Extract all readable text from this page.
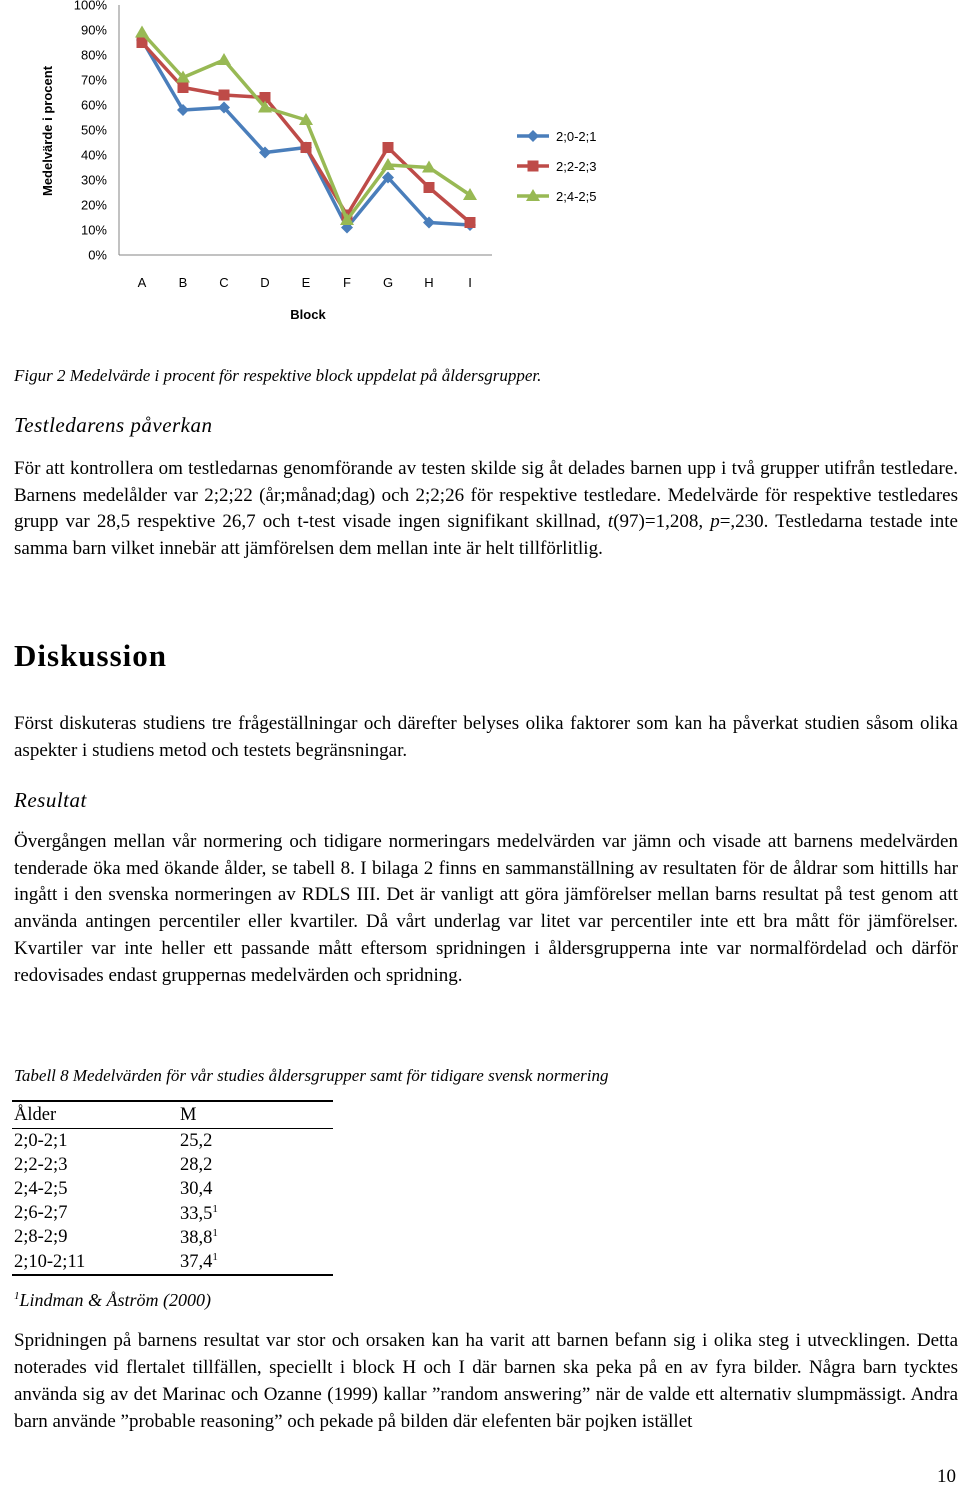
0%
10%
20%
30%
40%
50%
60%
70%
80%
90%
100%
A B C D E	F G H	I
2;0-2;1
2;2-2;3
2;4-2;5
Medelvärde i procent
Block

Figur 2 Medelvärde i procent för respektive block uppdelat på åldersgrupper.

Testledarens påverkan

För att kontrollera om testledarnas genomförande av testen skilde sig åt delades barnen upp i två grupper utifrån testledare. Barnens medelålder var 2;2;22 (år;månad;dag) och 2;2;26 för respektive testledare. Medelvärde för respektive testledares grupp var 28,5 respektive 26,7 och t-test visade ingen signifikant skillnad, t(97)=1,208, p=,230. Testledarna testade inte samma barn vilket innebär att jämförelsen dem mellan inte är helt tillförlitlig.

Diskussion

Först diskuteras studiens tre frågeställningar och därefter belyses olika faktorer som kan ha påverkat studien såsom olika aspekter i studiens metod och testets begränsningar.

Resultat

Övergången mellan vår normering och tidigare normeringars medelvärden var jämn och visade att barnens medelvärden tenderade öka med ökande ålder, se tabell 8. I bilaga 2 finns en sammanställning av resultaten för de åldrar som hittills har ingått i den svenska normeringen av RDLS III. Det är vanligt att göra jämförelser mellan barns resultat på test genom att använda antingen percentiler eller kvartiler. Då vårt underlag var litet var percentiler inte ett bra mått för jämförelser. Kvartiler var inte heller ett passande mått eftersom spridningen i åldersgrupperna inte var normalfördelad och därför redovisades endast gruppernas medelvärden och spridning.

Tabell 8 Medelvärden för vår studies åldersgrupper samt för tidigare svensk normering

Ålder	M
2;0-2;1	25,2
2;2-2;3	28,2
2;4-2;5	30,4
2;6-2;7	33,5$^1$
2;8-2;9	38,8$^1$
2;10-2;11	37,4$^1$

$^1$Lindman & Åström (2000)

Spridningen på barnens resultat var stor och orsaken kan ha varit att barnen befann sig i olika steg i utvecklingen. Detta noterades vid flertalet tillfällen, speciellt i block H och I där barnen ska peka på en av fyra bilder. Några barn tycktes använda sig av det Marinac och Ozanne (1999) kallar ”random answering” när de valde ett alternativ slumpmässigt. Andra barn använde ”probable reasoning” och pekade på bilden där elefenten bär pojken istället

10
